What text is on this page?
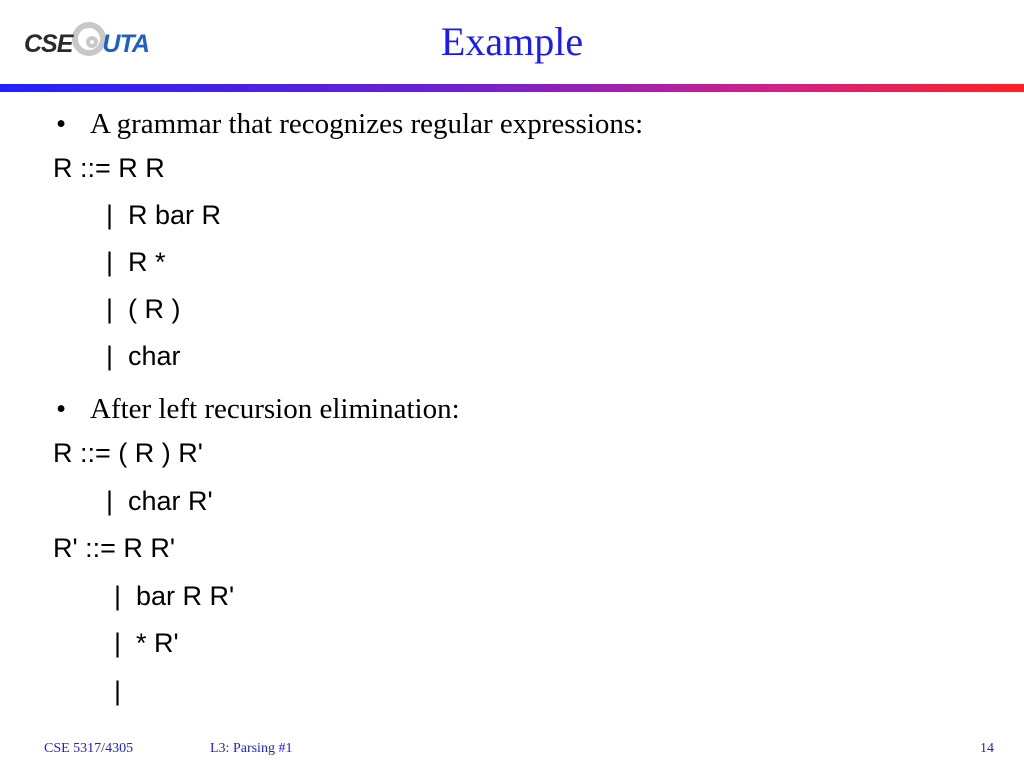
CSE UTA	Example
• A grammar that recognizes regular expressions:
R ::= R R
|  R bar R
|  R *
|  ( R )
|  char
• After left recursion elimination:
R ::= ( R ) R'
|  char R'
R' ::= R R'
|  bar R R'
|  * R'
|
CSE 5317/4305	L3: Parsing #1	14
